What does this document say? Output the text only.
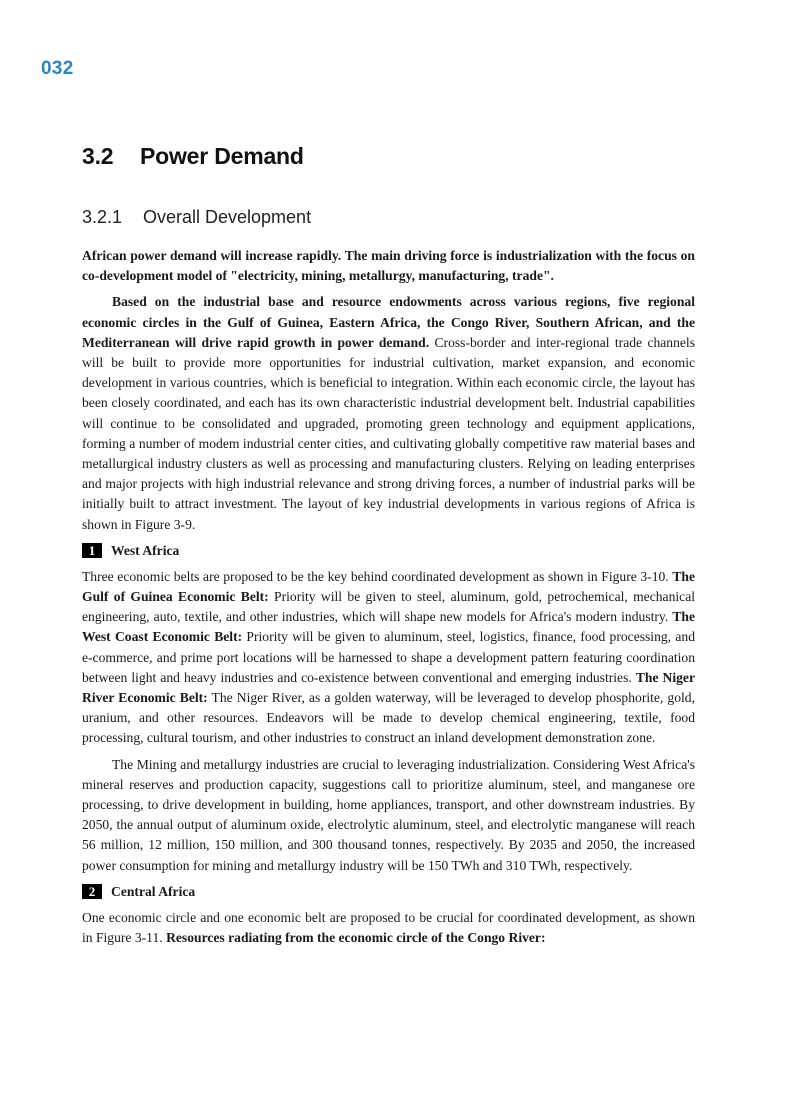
032
3.2 Power Demand
3.2.1 Overall Development

African power demand will increase rapidly. The main driving force is industrialization with the focus on co-development model of "electricity, mining, metallurgy, manufacturing, trade".

Based on the industrial base and resource endowments across various regions, five regional economic circles in the Gulf of Guinea, Eastern Africa, the Congo River, Southern African, and the Mediterranean will drive rapid growth in power demand. Cross-border and inter-regional trade channels will be built to provide more opportunities for industrial cultivation, market expansion, and economic development in various countries, which is beneficial to integration. Within each economic circle, the layout has been closely coordinated, and each has its own characteristic industrial development belt. Industrial capabilities will continue to be consolidated and upgraded, promoting green technology and equipment applications, forming a number of modem industrial center cities, and cultivating globally competitive raw material bases and metallurgical industry clusters as well as processing and manufacturing clusters. Relying on leading enterprises and major projects with high industrial relevance and strong driving forces, a number of industrial parks will be initially built to attract investment. The layout of key industrial developments in various regions of Africa is shown in Figure 3-9.

1	West Africa

Three economic belts are proposed to be the key behind coordinated development as shown in Figure 3-10. The Gulf of Guinea Economic Belt: Priority will be given to steel, aluminum, gold, petrochemical, mechanical engineering, auto, textile, and other industries, which will shape new models for Africa's modern industry. The West Coast Economic Belt: Priority will be given to aluminum, steel, logistics, finance, food processing, and e-commerce, and prime port locations will be harnessed to shape a development pattern featuring coordination between light and heavy industries and co-existence between conventional and emerging industries. The Niger River Economic Belt: The Niger River, as a golden waterway, will be leveraged to develop phosphorite, gold, uranium, and other resources. Endeavors will be made to develop chemical engineering, textile, food processing, cultural tourism, and other industries to construct an inland development demonstration zone.

The Mining and metallurgy industries are crucial to leveraging industrialization. Considering West Africa's mineral reserves and production capacity, suggestions call to prioritize aluminum, steel, and manganese ore processing, to drive development in building, home appliances, transport, and other downstream industries. By 2050, the annual output of aluminum oxide, electrolytic aluminum, steel, and electrolytic manganese will reach 56 million, 12 million, 150 million, and 300 thousand tonnes, respectively. By 2035 and 2050, the increased power consumption for mining and metallurgy industry will be 150 TWh and 310 TWh, respectively.

2	Central Africa

One economic circle and one economic belt are proposed to be crucial for coordinated development, as shown in Figure 3-11. Resources radiating from the economic circle of the Congo River:
